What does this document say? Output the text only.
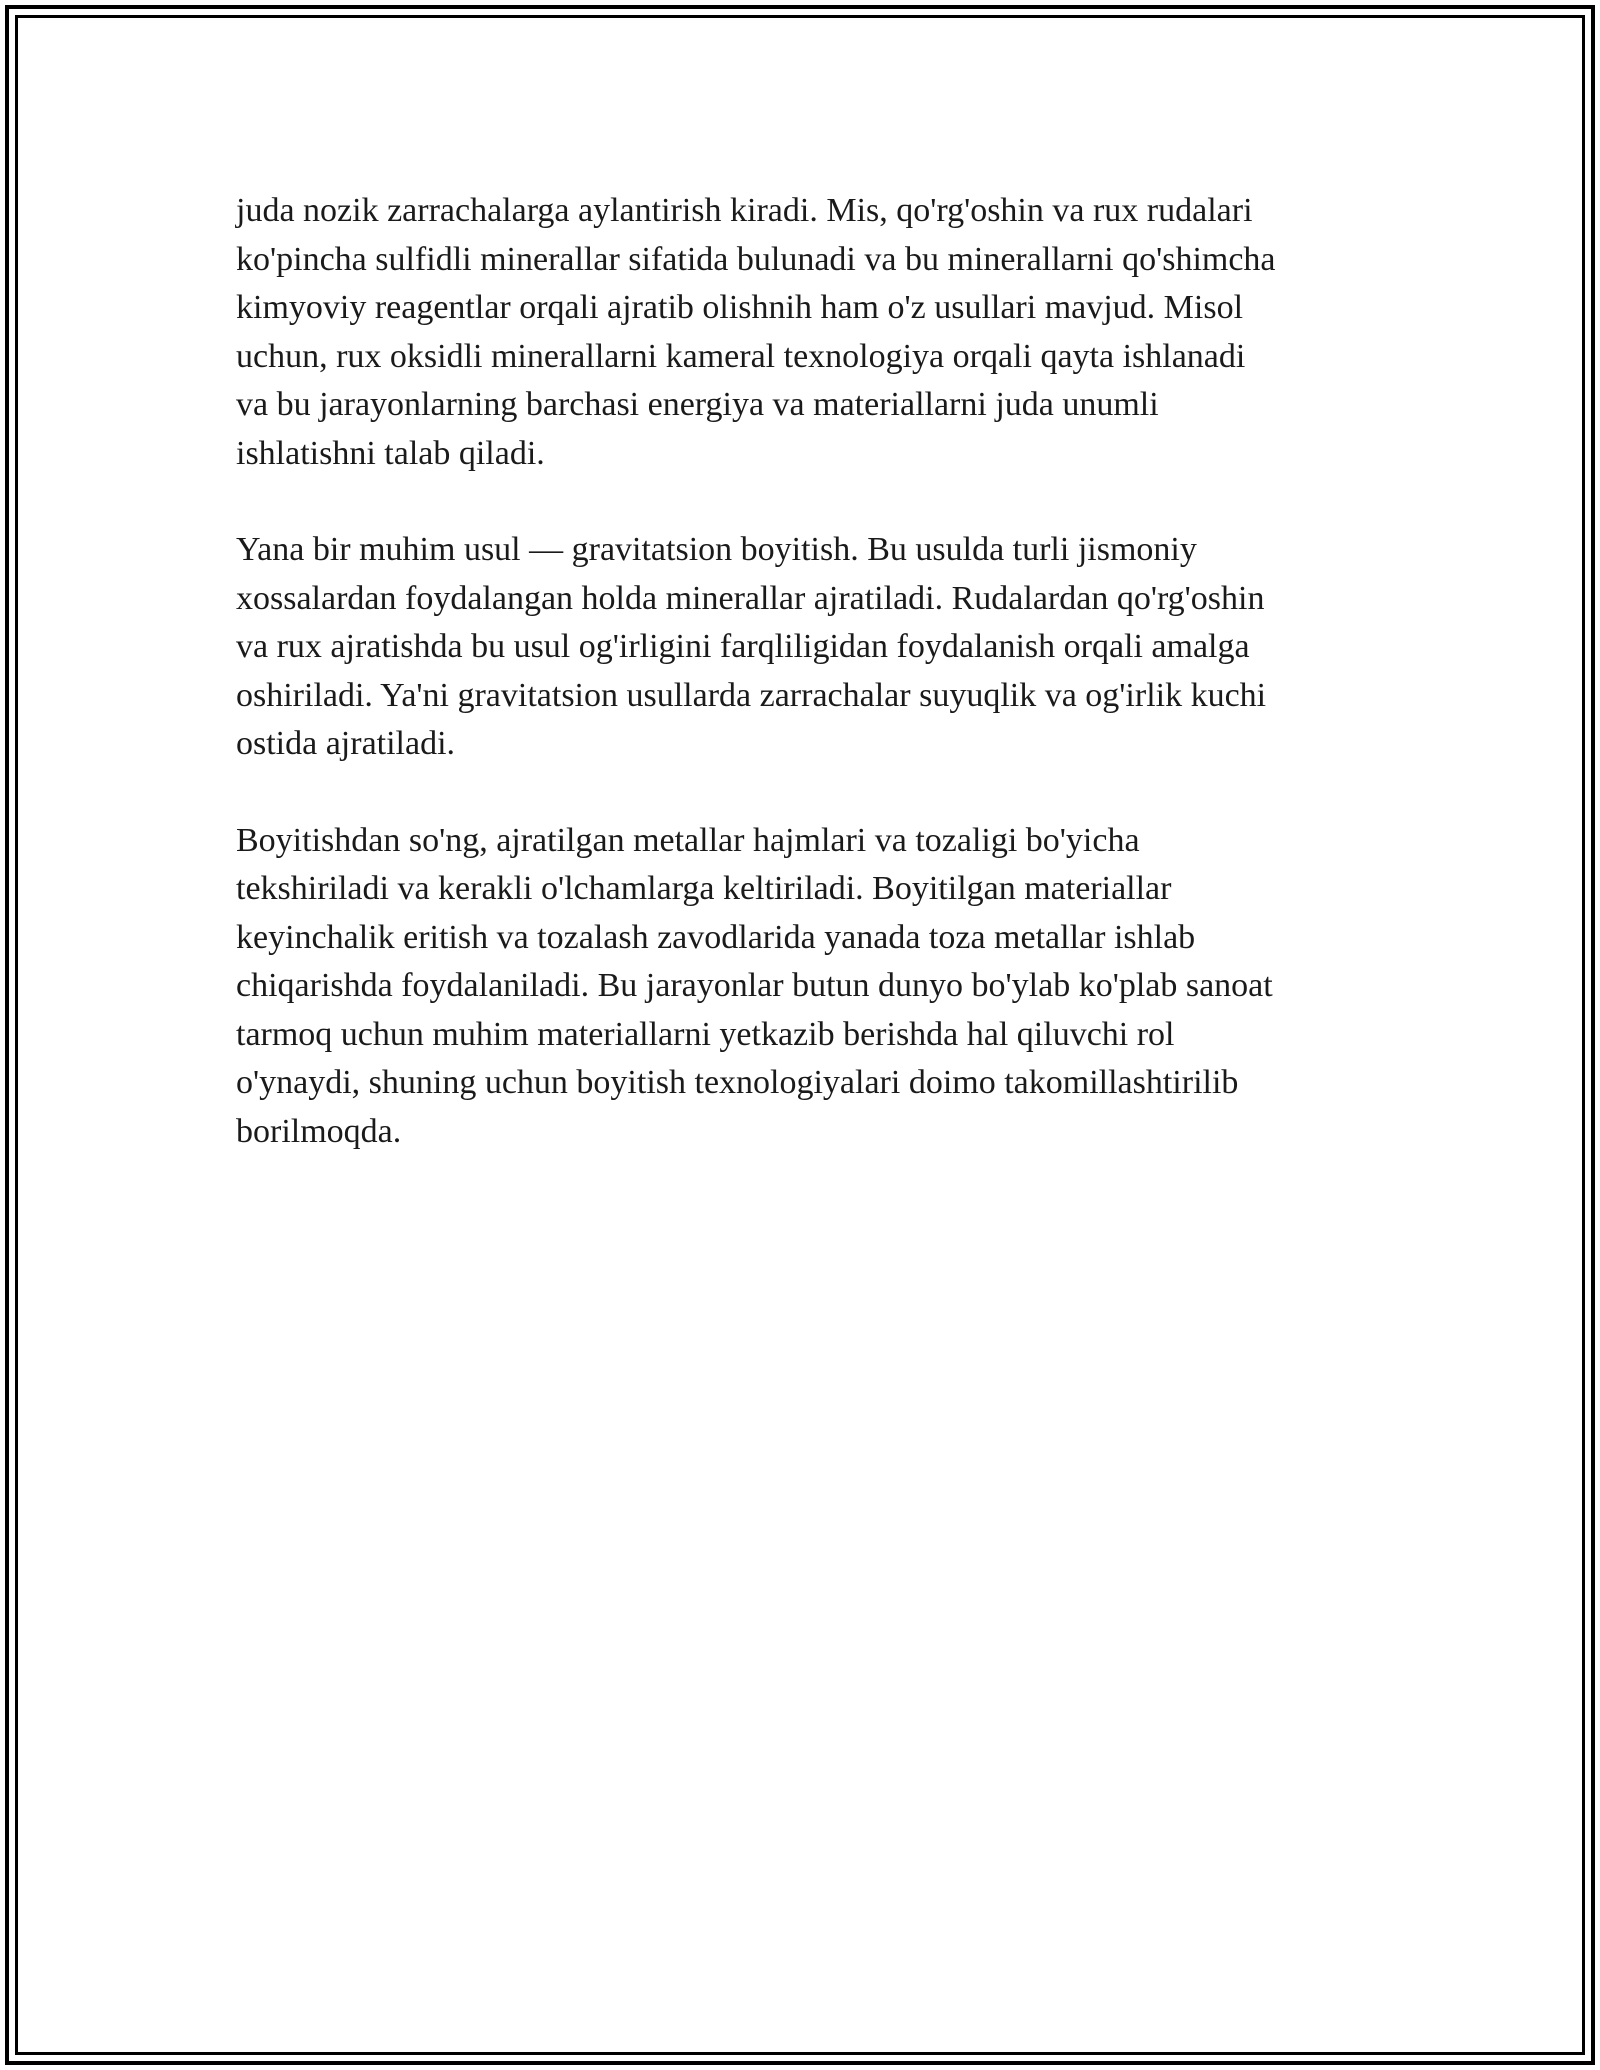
juda nozik zarrachalarga aylantirish kiradi. Mis, qo'rg'oshin va rux rudalari
ko'pincha sulfidli minerallar sifatida bulunadi va bu minerallarni qo'shimcha
kimyoviy reagentlar orqali ajratib olishnih ham o'z usullari mavjud. Misol
uchun, rux oksidli minerallarni kameral texnologiya orqali qayta ishlanadi
va bu jarayonlarning barchasi energiya va materiallarni juda unumli
ishlatishni talab qiladi.

Yana bir muhim usul — gravitatsion boyitish. Bu usulda turli jismoniy
xossalardan foydalangan holda minerallar ajratiladi. Rudalardan qo'rg'oshin
va rux ajratishda bu usul og'irligini farqliligidan foydalanish orqali amalga
oshiriladi. Ya'ni gravitatsion usullarda zarrachalar suyuqlik va og'irlik kuchi
ostida ajratiladi.

Boyitishdan so'ng, ajratilgan metallar hajmlari va tozaligi bo'yicha
tekshiriladi va kerakli o'lchamlarga keltiriladi. Boyitilgan materiallar
keyinchalik eritish va tozalash zavodlarida yanada toza metallar ishlab
chiqarishda foydalaniladi. Bu jarayonlar butun dunyo bo'ylab ko'plab sanoat
tarmoq uchun muhim materiallarni yetkazib berishda hal qiluvchi rol
o'ynaydi, shuning uchun boyitish texnologiyalari doimo takomillashtirilib
borilmoqda.
